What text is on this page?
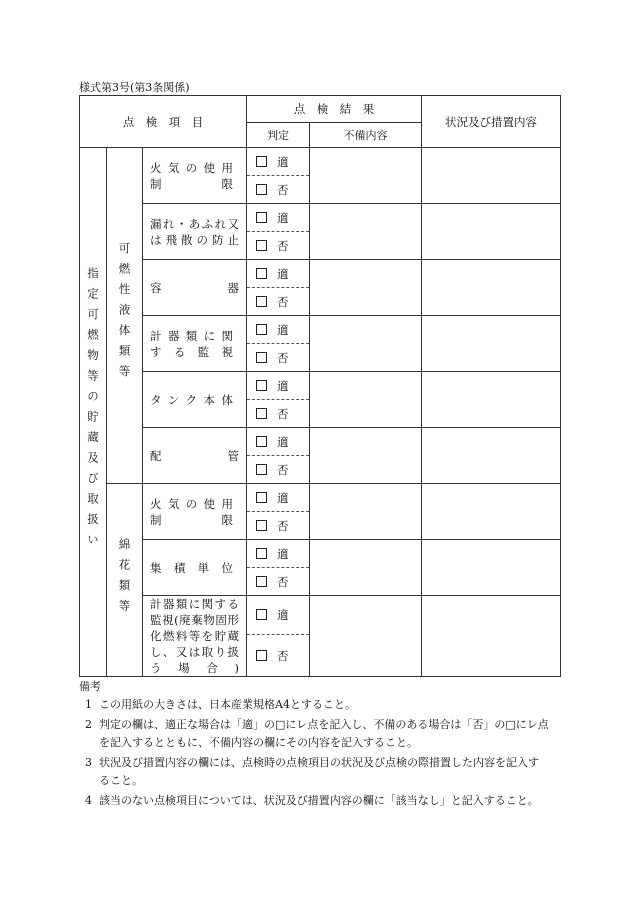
様式第3号(第3条関係)
点　検　項　目			点　検　結　果		状況及び措置内容
			判定	不備内容	
指定可燃物等の貯蔵及び取扱い	可燃性液体類等	火気の使用制限	適		
			否		
		漏れ・あふれ又は飛散の防止	適		
			否		
		容　　器	適		
			否		
		計器類に関する監視	適		
			否		
		タンク本体	適		
			否		
		配　　管	適		
			否		
	綿花類等	火気の使用制限	適		
			否		
		集積単位	適		
			否		
		計器類に関する監視(廃棄物固形化燃料等を貯蔵し、又は取り扱う場合)	適		
			否		
備考

1 この用紙の大きさは、日本産業規格A4とすること。

2 判定の欄は、適正な場合は「適」の□にレ点を記入し、不備のある場合は「否」の□にレ点を記入するとともに、不備内容の欄にその内容を記入すること。

3 状況及び措置内容の欄には、点検時の点検項目の状況及び点検の際措置した内容を記入すること。

4 該当のない点検項目については、状況及び措置内容の欄に「該当なし」と記入すること。
